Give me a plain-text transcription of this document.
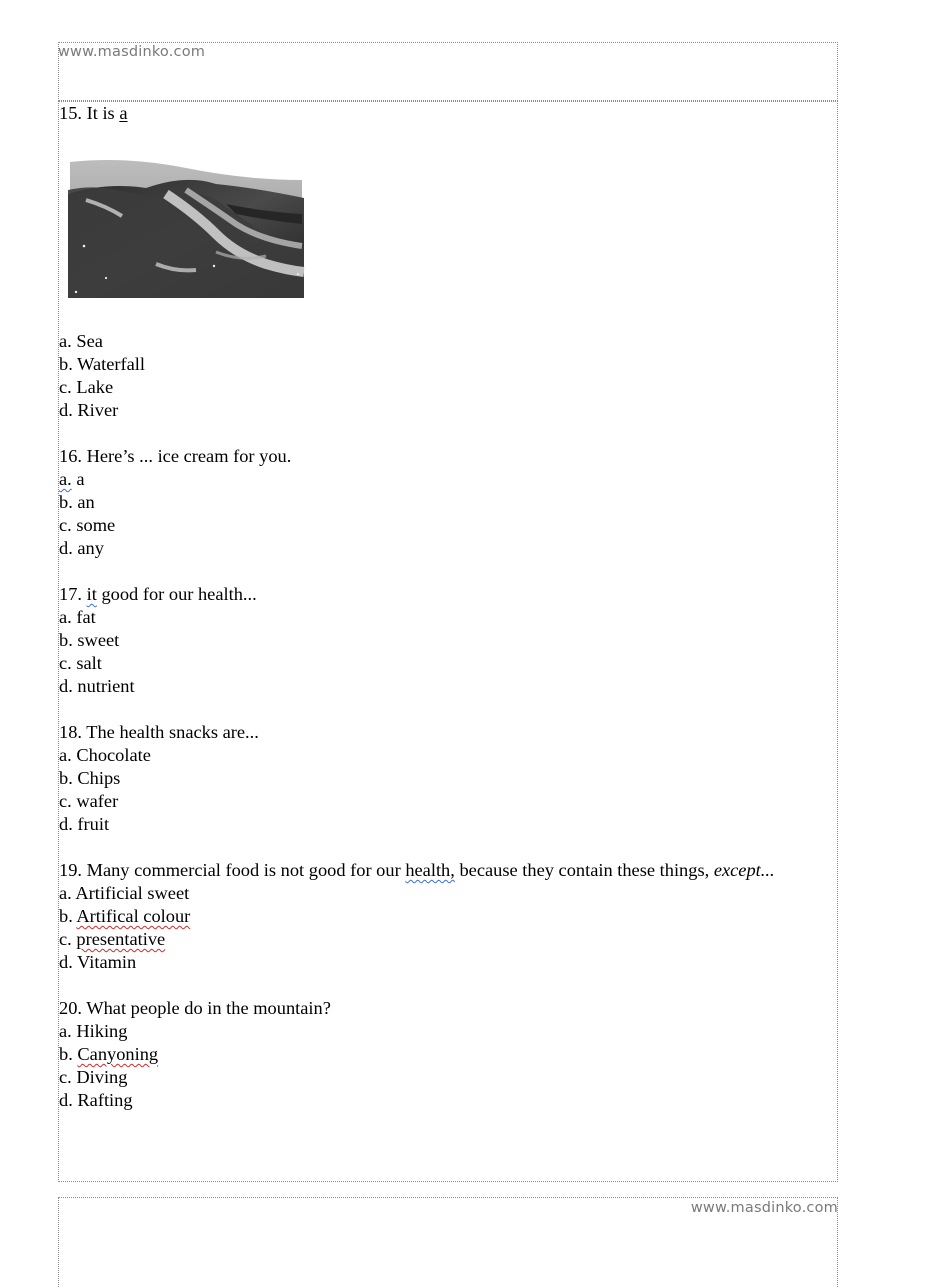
www.masdinko.com
www.masdinko.com
15. It is a
a. Sea
b. Waterfall
c. Lake
d. River
16. Here’s ... ice cream for you.
a. a
b. an
c. some
d. any
17. it good for our health...
a. fat
b. sweet
c. salt
d. nutrient
18. The health snacks are...
a. Chocolate
b. Chips
c. wafer
d. fruit
19. Many commercial food is not good for our health, because they contain these things, except...
a. Artificial sweet
b. Artifical colour
c. presentative
d. Vitamin
20. What people do in the mountain?
a. Hiking
b. Canyoning
c. Diving
d. Rafting
